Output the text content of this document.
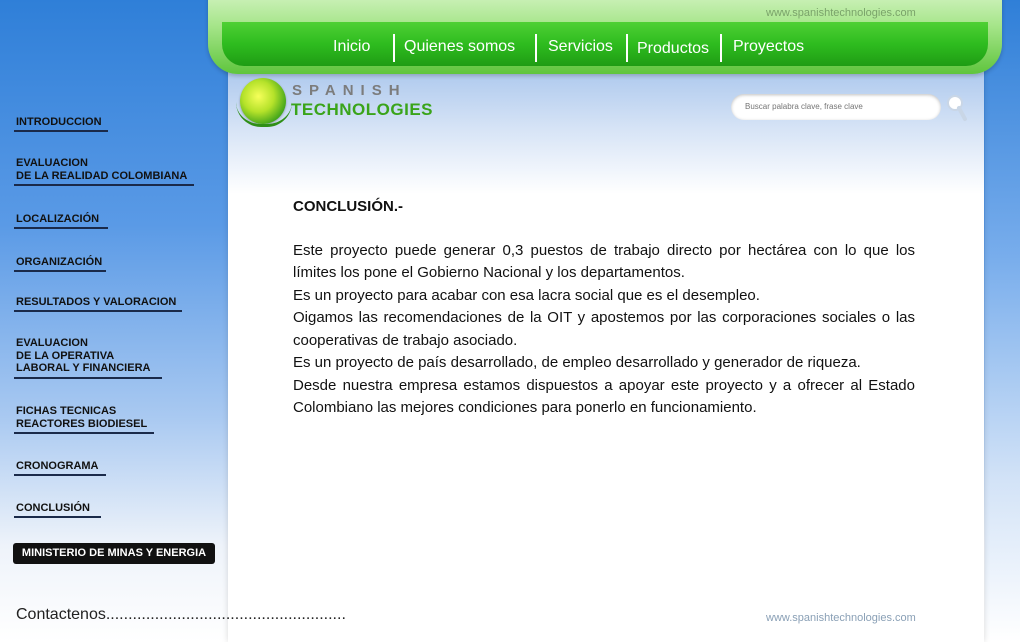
www.spanishtechnologies.com
Inicio Quienes somos Servicios Productos Proyectos
SPANISH
TECHNOLOGIES
Buscar palabra clave, frase clave
INTRODUCCION
EVALUACION
DE LA REALIDAD COLOMBIANA
LOCALIZACIÓN
ORGANIZACIÓN
RESULTADOS Y VALORACION
EVALUACION
DE LA OPERATIVA
LABORAL Y FINANCIERA
FICHAS TECNICAS
REACTORES BIODIESEL
CRONOGRAMA
CONCLUSIÓN
MINISTERIO DE MINAS Y ENERGIA
Contactenos......................................................	www.spanishtechnologies.com
CONCLUSIÓN.-

Este proyecto puede generar 0,3 puestos de trabajo directo por hectárea con lo que los límites los pone el Gobierno Nacional y los departamentos.

Es un proyecto para acabar con esa lacra social que es el desempleo.

Oigamos las recomendaciones de la OIT y apostemos por las corporaciones sociales o las cooperativas de trabajo asociado.

Es un proyecto de país desarrollado, de empleo desarrollado y generador de riqueza.

Desde nuestra empresa estamos dispuestos a apoyar este proyecto y a ofrecer al Estado Colombiano las mejores condiciones para ponerlo en funcionamiento.
